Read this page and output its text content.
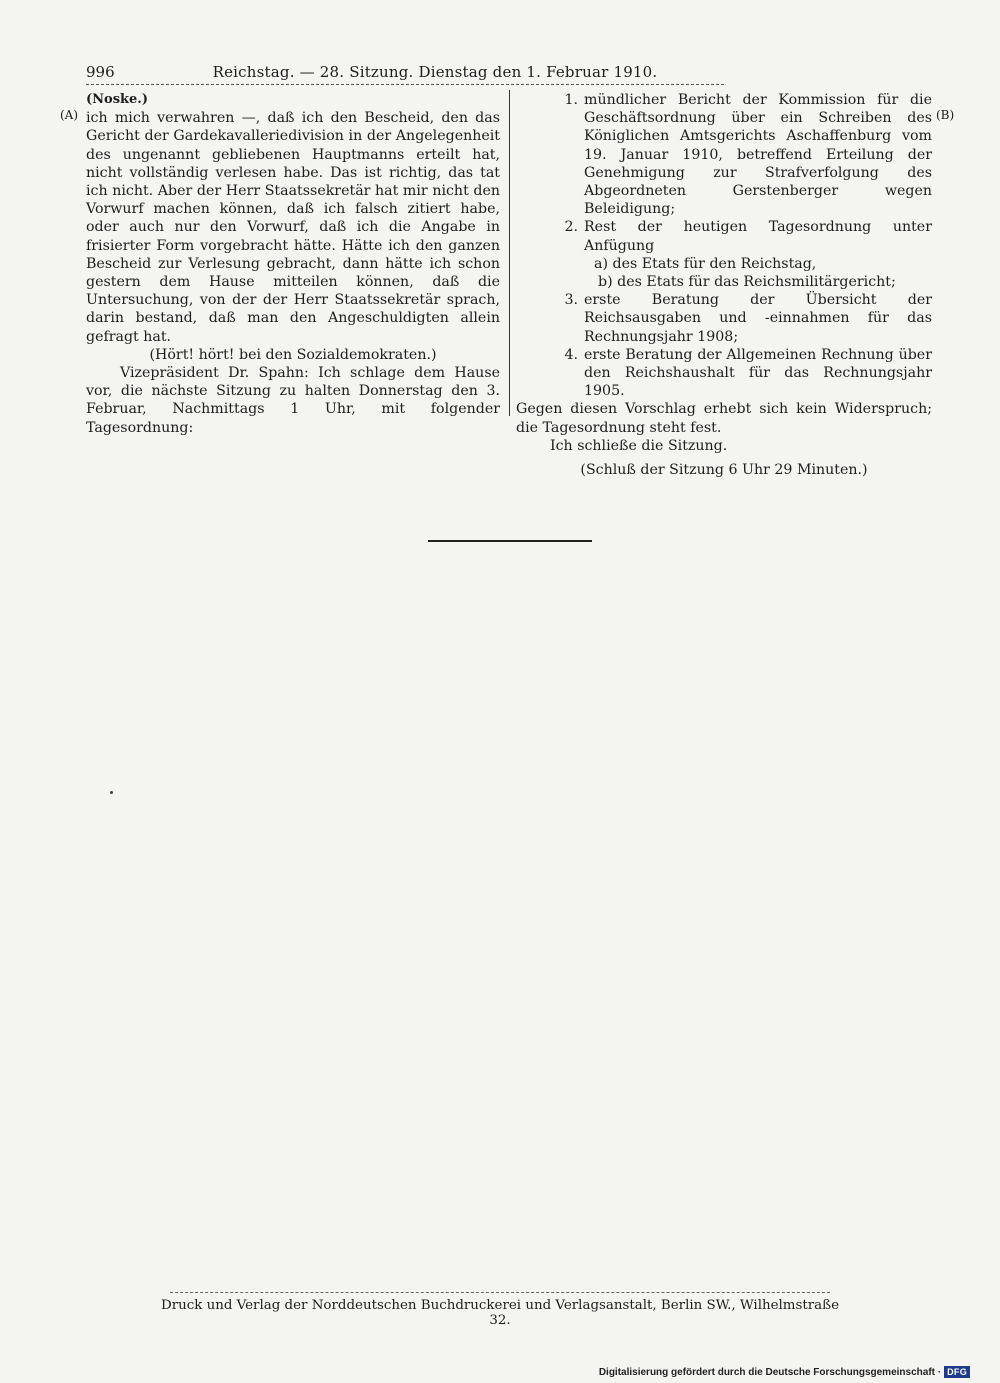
996	Reichstag. — 28. Sitzung. Dienstag den 1. Februar 1910.
(A)	(B)
(Noske.)

ich mich verwahren —, daß ich den Bescheid, den das Gericht der Gardekavalleriedivision in der Angelegenheit des ungenannt gebliebenen Hauptmanns erteilt hat, nicht vollständig verlesen habe. Das ist richtig, das tat ich nicht. Aber der Herr Staatssekretär hat mir nicht den Vorwurf machen können, daß ich falsch zitiert habe, oder auch nur den Vorwurf, daß ich die Angabe in frisierter Form vorgebracht hätte. Hätte ich den ganzen Bescheid zur Verlesung gebracht, dann hätte ich schon gestern dem Hause mitteilen können, daß die Untersuchung, von der der Herr Staatssekretär sprach, darin bestand, daß man den Angeschuldigten allein gefragt hat.

(Hört! hört! bei den Sozialdemokraten.)

Vizepräsident Dr. Spahn: Ich schlage dem Hause vor, die nächste Sitzung zu halten Donnerstag den 3. Februar, Nachmittags 1 Uhr, mit folgender Tagesordnung:

1. mündlicher Bericht der Kommission für die Geschäftsordnung über ein Schreiben des Königlichen Amtsgerichts Aschaffenburg vom 19. Januar 1910, betreffend Erteilung der Genehmigung zur Strafverfolgung des Abgeordneten Gerstenberger wegen Beleidigung;
2. Rest der heutigen Tagesordnung unter Anfügung
a) des Etats für den Reichstag,
b) des Etats für das Reichsmilitärgericht;
3. erste Beratung der Übersicht der Reichsausgaben und -einnahmen für das Rechnungsjahr 1908;
4. erste Beratung der Allgemeinen Rechnung über den Reichshaushalt für das Rechnungsjahr 1905.

Gegen diesen Vorschlag erhebt sich kein Widerspruch; die Tagesordnung steht fest.

Ich schließe die Sitzung.

(Schluß der Sitzung 6 Uhr 29 Minuten.)
Druck und Verlag der Norddeutschen Buchdruckerei und Verlagsanstalt, Berlin SW., Wilhelmstraße 32.
Digitalisierung gefördert durch die Deutsche Forschungsgemeinschaft · DFG
